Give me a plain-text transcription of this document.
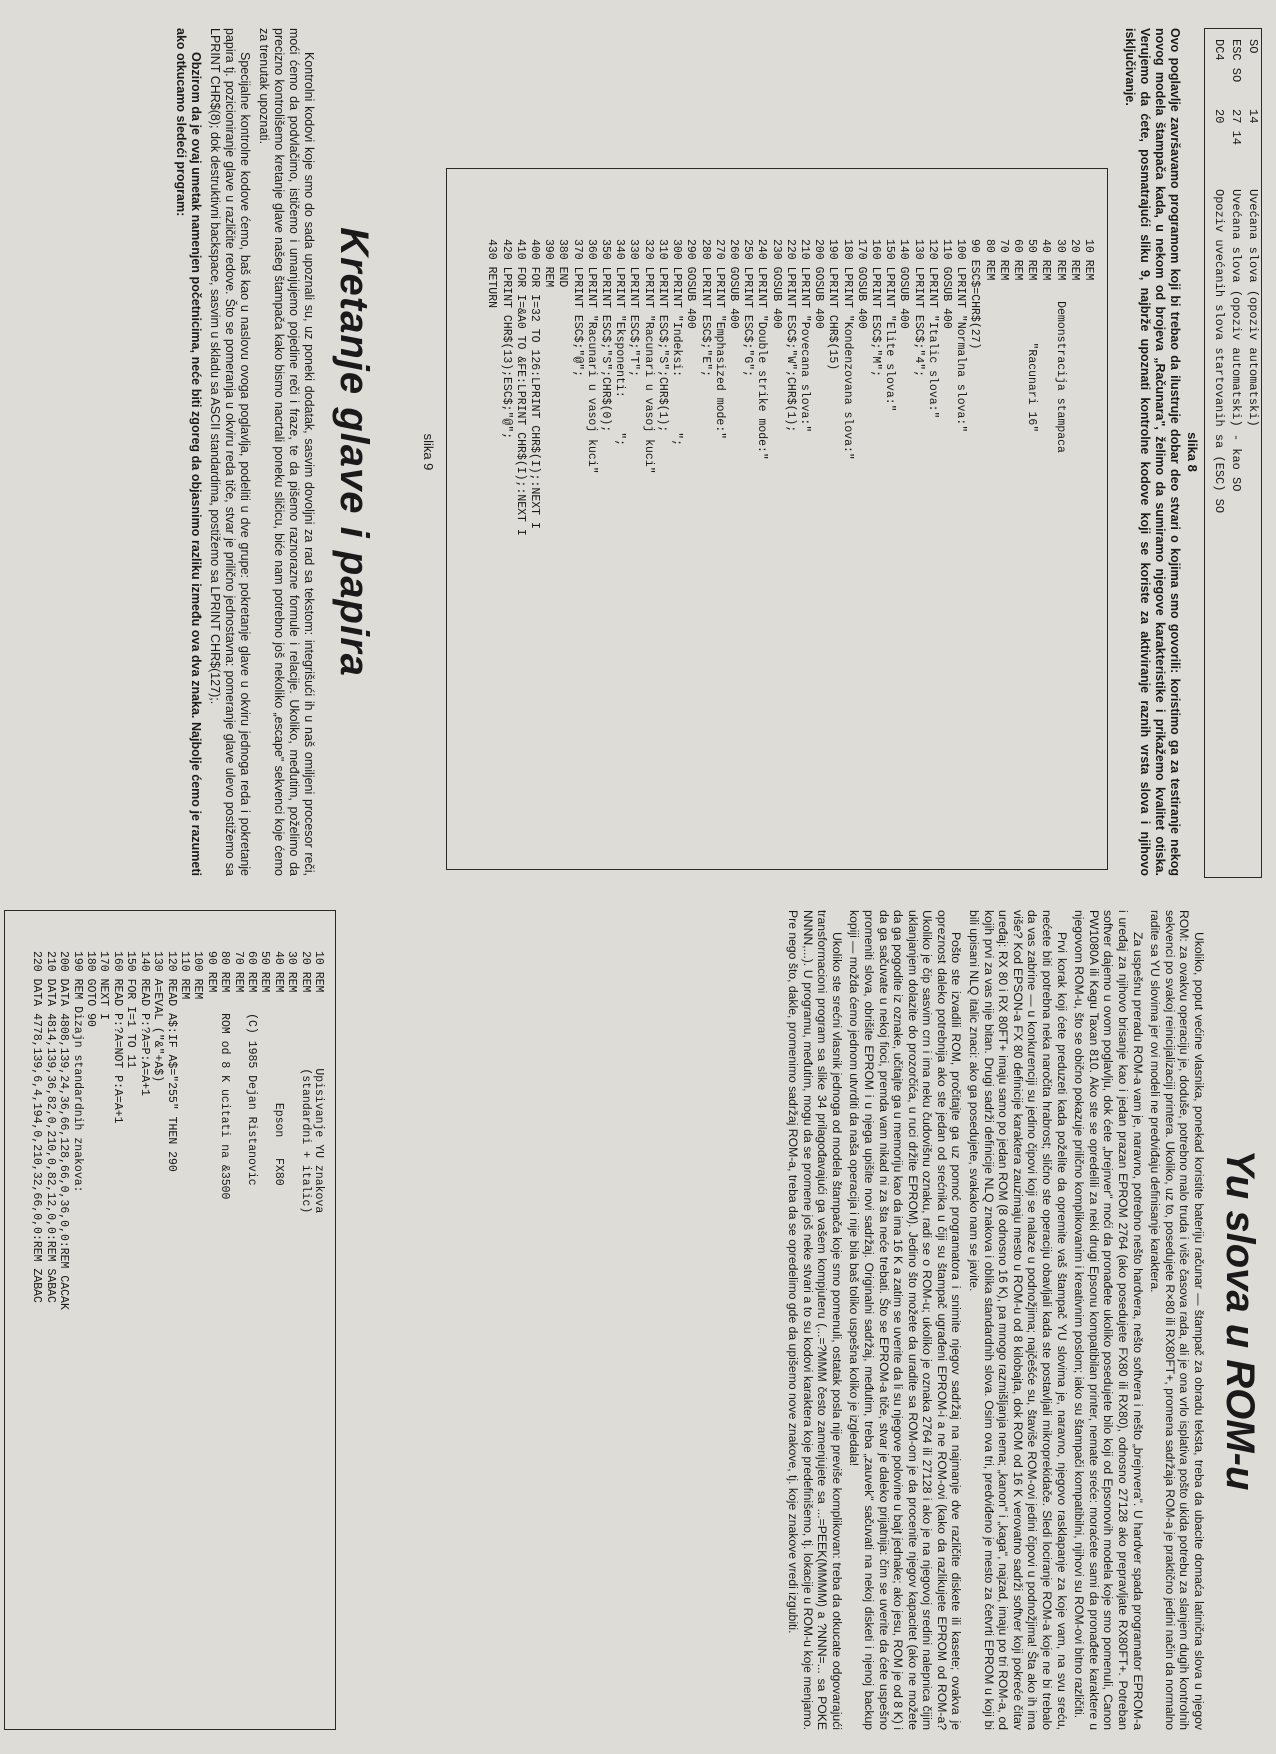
SO
14
Uvećana slova (opoziv automatski)
ESC SO
27 14
Uvećana slova (opoziv automatski) - kao SO
DC4
20
Opoziv uvećanih slova startovanih sa (ESC) SO
slika 8
Ovo poglavlje završavamo programom koji bi trebao da ilustruje dobar deo stvari o kojima smo govorili: koristimo ga za testiranje nekog novog modela štampača kada, u nekom od brojeva „Računara", želimo da sumiramo njegove karakteristike i prikažemo kvalitet otiska. Verujemo da ćete, posmatrajući sliku 9, najbrže upoznati kontrolne kodove koji se koriste za aktiviranje raznih vrsta slova i njihovo isključivanje.
10 REM
20 REM
30 REM   Demonstracija stampaca
40 REM
50 REM         "Racunari 16"
60 REM
70 REM
80 REM
90 ESC$=CHR$(27)
100 LPRINT "Normalna slova:"
110 GOSUB 400
120 LPRINT "Italic slova:"
130 LPRINT ESC$;"4";
140 GOSUB 400
150 LPRINT "Elite slova:"
160 LPRINT ESC$;"M";
170 GOSUB 400
180 LPRINT "Kondenzovana slova:"
190 LPRINT CHR$(15)
200 GOSUB 400
210 LPRINT "Povecana slova:"
220 LPRINT ESC$;"W";CHR$(1);
230 GOSUB 400
240 LPRINT "Double strike mode:"
250 LPRINT ESC$;"G";
260 GOSUB 400
270 LPRINT "Emphasized mode:"
280 LPRINT ESC$;"E";
290 GOSUB 400
300 LPRINT "Indeksi:        ";
310 LPRINT ESC$;"S";CHR$(1);
320 LPRINT "Racunari u vasoj kuci"
330 LPRINT ESC$;"T";
340 LPRINT "Eksponenti:     ";
350 LPRINT ESC$;"S";CHR$(0);
360 LPRINT "Racunari u vasoj kuci"
370 LPRINT ESC$;"@";
380 END
390 REM
400 FOR I=32 TO 126:LPRINT CHR$(I);:NEXT I
410 FOR I=&A0 TO &FE:LPRINT CHR$(I);:NEXT I
420 LPRINT CHR$(13);ESC$;"@";
430 RETURN
slika 9
Kretanje glave i papira

Kontrolni kodovi koje smo do sada upoznali su, uz poneki dodatak, sasvim dovoljni za rad sa tekstom: integrišući ih u naš omiljeni procesor reči, moći ćemo da podvlačimo, ističemo i umanjujemo pojedine reči i fraze, te da pišemo raznorazne formule i relacije. Ukoliko, međutim, poželimo da precizno kontrolišemo kretanje glave našeg štampača kako bismo nacrtali poneku sličicu, biće nam potrebno još nekoliko „escape" sekvenci koje ćemo za trenutak upoznati.

Specijalne kontrolne kodove ćemo, baš kao u naslovu ovoga poglavlja, podeliti u dve grupe: pokretanje glave u okviru jednoga reda i pokretanje papira tj. pozicioniranje glave u različite redove. Što se pomeranja u okviru reda tiče, stvar je prilično jednostavna: pomeranje glave ulevo postižemo sa LPRINT CHR$(8); dok destruktivni backspace, sasvim u skladu sa ASCII standardima, postižemo sa LPRINT CHR$(127);.

Obzirom da je ovaj umetak namenjen početnicima, neće biti zgoreg da objasnimo razliku između ova dva znaka. Najbolje ćemo je razumeti ako otkucamo sledeći program:

Yu slova u ROM-u

Ukoliko, poput većine vlasnika, ponekad koristite bateriju računar — štampač za obradu teksta, treba da ubacite domaća latinična slova u njegov ROM: za ovakvu operaciju je, doduše, potrebno malo truda i više časova rada, ali je ona vrlo isplativa pošto ukida potrebu za slanjem dugih kontrolnih sekvenci po svakoj reinicijalizaciji printera. Ukoliko, uz to, posedujete R×80 ili RX80FT+, promena sadržaja ROM-a je praktično jedini način da normalno radite sa YU slovima jer ovi modeli ne predviđaju definisanje karaktera.

Za uspešnu preradu ROM-a vam je, naravno, potrebno nešto hardvera, nešto softvera i nešto „brejnvera". U hardver spada programator EPROM-a i uređaj za njihovo brisanje kao i jedan prazan EPROM 2764 (ako posedujete FX80 ili RX80), odnosno 27128 ako prepravljate RX80FT+. Potreban softver dajemo u ovom poglavlju, dok ćete „brejnver" moći da pronađete ukoliko posedujete bilo koji od Epsonovih modela koje smo pomenuli, Canon PW1080A ili Kagu Taxan 810. Ako ste se opredelili za neki drugi Epsonu kompatibilan printer, nemate sreće: moraćete sami da pronađete karaktere u njegovom ROM-u, što se obično pokazuje prilično komplikovanim i kreativnim poslom; iako su štampači kompatibilni, njihovi su ROM-ovi bitno različiti.

Prvi korak koji ćete preduzeti kada poželite da opremite vaš štampač YU slovima je, naravno, njegovo rasklapanje za koje vam, na svu sreću, nećete biti potrebna neka naročita hrabrost; slično ste operaciju obavljali kada ste postavljali mikroprekidače. Sledi lociranje ROM-a koje ne bi trebalo da vas zabrine — u konkurenciji su jedino čipovi koji se nalaze u podnožjima; najčešće su, štaviše ROM-ovi jedini čipovi u podnožjima! Šta ako ih ima više? Kod EPSON-a FX 80 definicije karaktera zauzimaju mesto u ROM-u od 8 kilobajta, dok ROM od 16 K verovatno sadrži softver koji pokreće čitav uređaj: RX 80 i RX 80FT+ imaju samo po jedan ROM (8 odnosno 16 K), pa mnogo razmišljanja nema; „kanon" i „kaga", najzad, imaju po tri ROM-a, od kojih prvi za vas nije bitan. Drugi sadrži definicije NLQ znakova i oblika standardnih slova. Osim ova tri, predviđeno je mesto za četvrti EPROM u koji bi bili upisani NLQ italic znaci: ako ga posedujete, svakako nam se javite.

Pošto ste izvadili ROM, pročitajte ga uz pomoć programatora i snimite njegov sadržaj na najmanje dve različite diskete ili kasete; ovakva je opreznost daleko potrebnija ako ste jedan od srećnika u čiji su štampač ugrađeni EPROM-i a ne ROM-ovi (kako da razlikujete EPROM od ROM-a? Ukoliko je čip sasvim crn i ima neku čudovišnu oznaku, radi se o ROM-u; ukoliko je oznaka 2764 ili 27128 i ako je na njegovoj sredini nalepnica čijim uklanjanjem dolazite do prozorčića, u ruci držite EPROM). Jedino što možete da uradite sa ROM-om je da procenite njegov kapacitet (ako ne možete da ga pogodite iz oznake, učitajte ga u memoriju kao da ima 16 K a zatim se uverite da li su njegove polovine u bajt jednake; ako jesu, ROM je od 8 K) i da ga sačuvate u nekoj fioci, premda vam nikad ni za šta neće trebati. Što se EPROM-a tiče, stvar je daleko prijatnija: čim se uverite da ćete uspešno promeniti slova, obrišite EPROM i u njega upišite novi sadržaj. Originalni sadržaj, međutim, treba „zauvek" sačuvati na nekoj disketi i njenoj backup kopiji — možda ćemo jednom utvrditi da naša operacija i nije bila baš toliko uspešna koliko je izgledala!

Ukoliko ste srećni vlasnik jednoga od modela štampača koje smo pomenuli, ostatak posla nije previše komplikovan: treba da otkucate odgovarajući transformacioni program sa slike 34 prilagođavajući ga vašem kompjuteru (...=?MMM često zamenjujete sa ...=PEEK(MMMM) a ?NNN=... sa POKE NNNN,...). U programu, međutim, mogu da se promene još neke stvari a to su kodovi karaktera koje predefinišemo, tj. lokacije u ROM-u koje menjamo. Pre nego što, dakle, promenimo sadržaj ROM-a, treba da se opredelimo gde da upišemo nove znakove, tj. koje znakove vredi izgubiti.

10 REM           Upisivanje YU znakova
20 REM           (standardni + italic)
30 REM
40 REM                Epson   FX80
50 REM
60 REM   (C) 1985 Dejan Ristanovic
70 REM
80 REM   ROM od 8 K ucitati na &3500
90 REM
100 REM
110 REM
120 READ A$:IF A$="255" THEN 290
130 A=EVAL ("&"+A$)
140 READ P:?A=P:A=A+1
150 FOR I=1 TO 11
160 READ P:?A=NOT P:A=A+1
170 NEXT I
180 GOTO 90
190 REM Dizajn standardnih znakova:
200 DATA 4808,139,24,36,66,128,66,0,36,0,0:REM CACAK
210 DATA 4814,139,36,82,0,210,0,82,12,0,0:REM SABAC
220 DATA 4778,139,6,4,194,0,210,32,66,0,0:REM ZABAC
